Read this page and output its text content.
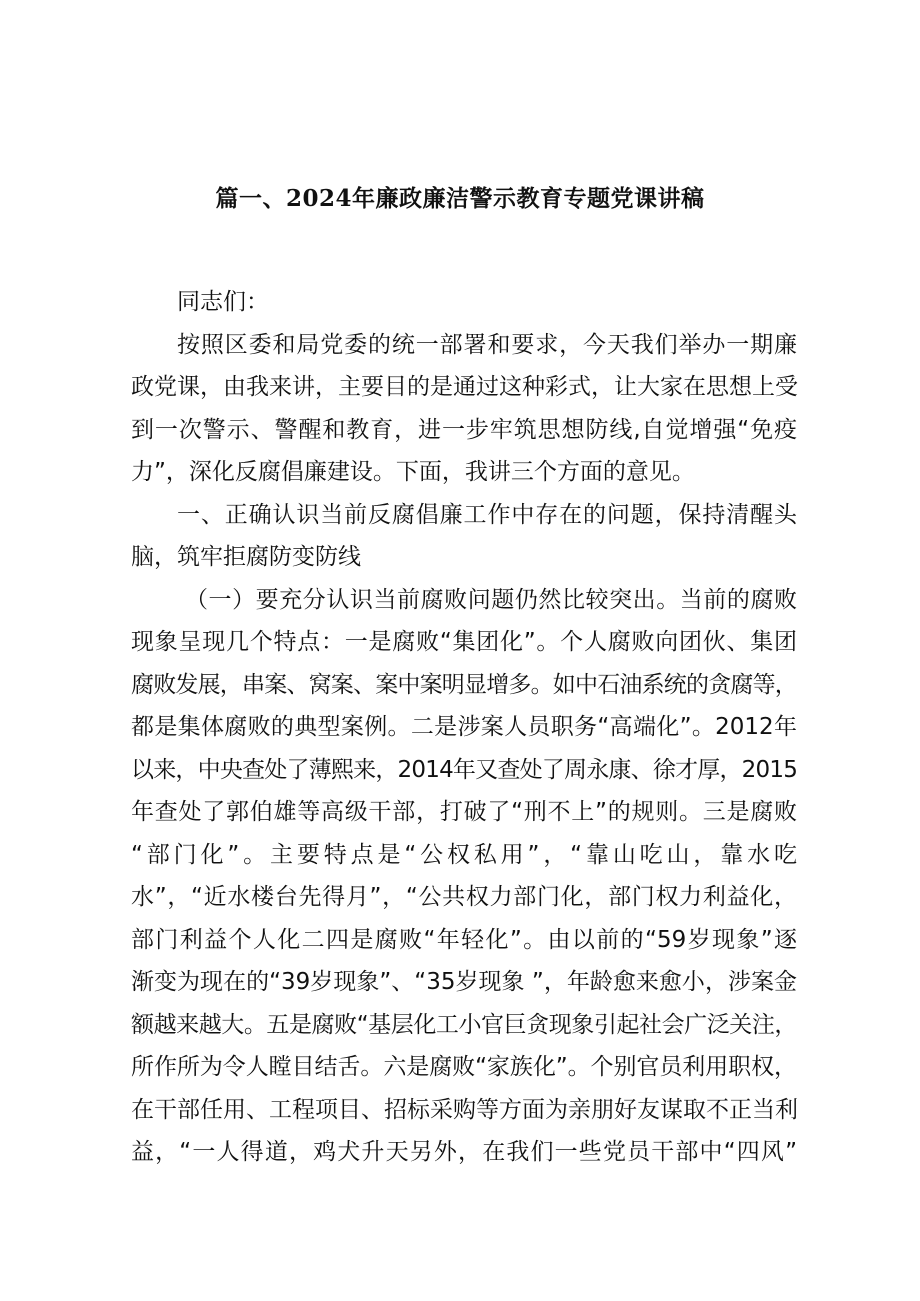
篇一、2024年廉政廉洁警示教育专题党课讲稿
同志们：
按照区委和局党委的统一部署和要求，今天我们举办一期廉
政党课，由我来讲，主要目的是通过这种彩式，让大家在思想上受
到一次警示、警醒和教育，进一步牢筑思想防线,自觉增强“免疫
力”，深化反腐倡廉建设。下面，我讲三个方面的意见。
一、正确认识当前反腐倡廉工作中存在的问题，保持清醒头
脑，筑牢拒腐防变防线
（一）要充分认识当前腐败问题仍然比较突出。当前的腐败
现象呈现几个特点：一是腐败“集团化”。个人腐败向团伙、集团
腐败发展，串案、窝案、案中案明显增多。如中石油系统的贪腐等，
都是集体腐败的典型案例。二是涉案人员职务“高端化”。2012年
以来，中央查处了薄熙来，2014年又查处了周永康、徐才厚，2015
年查处了郭伯雄等高级干部，打破了“刑不上”的规则。三是腐败
“部门化”。主要特点是“公权私用”，“靠山吃山，靠水吃
水”，“近水楼台先得月”，“公共权力部门化，部门权力利益化，
部门利益个人化二四是腐败“年轻化”。由以前的“59岁现象”逐
渐变为现在的“39岁现象”、“35岁现象 ”，年龄愈来愈小，涉案金
额越来越大。五是腐败“基层化工小官巨贪现象引起社会广泛关注，
所作所为令人瞠目结舌。六是腐败“家族化”。个别官员利用职权，
在干部任用、工程项目、招标采购等方面为亲朋好友谋取不正当利
益，“一人得道，鸡犬升天另外，在我们一些党员干部中“四风”
